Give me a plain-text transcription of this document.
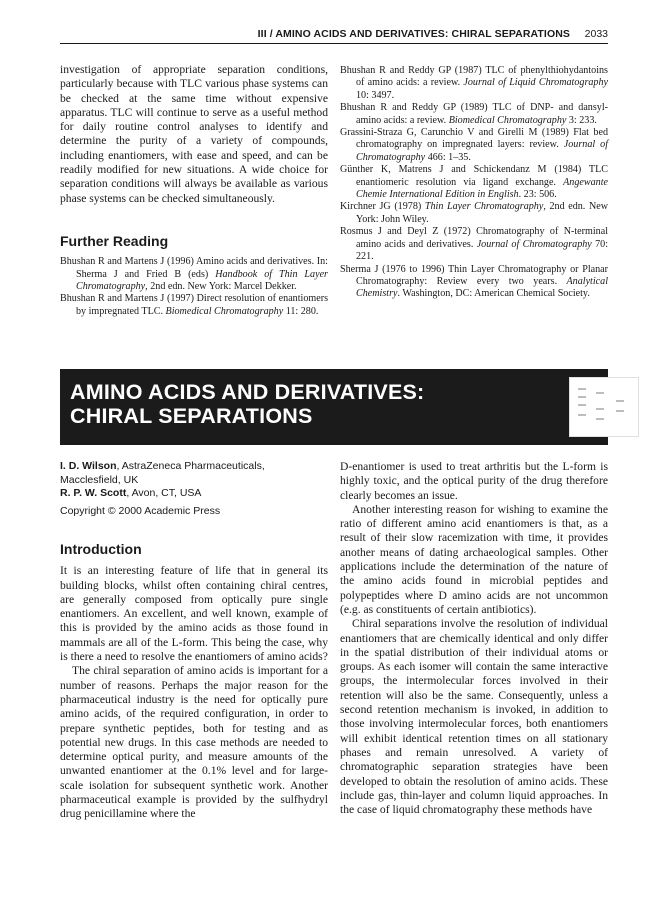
III / AMINO ACIDS AND DERIVATIVES: CHIRAL SEPARATIONS 2033

investigation of appropriate separation conditions, particularly because with TLC various phase systems can be checked at the same time without expensive apparatus. TLC will continue to serve as a useful method for daily routine control analyses to identify and determine the purity of a variety of compounds, including enantiomers, with ease and speed, and can be readily modified for new situations. A wide choice for separation conditions will always be available as various phase systems can be checked simultaneously.

Further Reading

Bhushan R and Martens J (1996) Amino acids and derivatives. In: Sherma J and Fried B (eds) Handbook of Thin Layer Chromatography, 2nd edn. New York: Marcel Dekker.

Bhushan R and Martens J (1997) Direct resolution of enantiomers by impregnated TLC. Biomedical Chromatography 11: 280.

Bhushan R and Reddy GP (1987) TLC of phenylthiohydantoins of amino acids: a review. Journal of Liquid Chromatography 10: 3497.

Bhushan R and Reddy GP (1989) TLC of DNP- and dansyl-amino acids: a review. Biomedical Chromatography 3: 233.

Grassini-Straza G, Carunchio V and Girelli M (1989) Flat bed chromatography on impregnated layers: review. Journal of Chromatography 466: 1–35.

Günther K, Matrens J and Schickendanz M (1984) TLC enantiomeric resolution via ligand exchange. Angewante Chemie International Edition in English. 23: 506.

Kirchner JG (1978) Thin Layer Chromatography, 2nd edn. New York: John Wiley.

Rosmus J and Deyl Z (1972) Chromatography of N-terminal amino acids and derivatives. Journal of Chromatography 70: 221.

Sherma J (1976 to 1996) Thin Layer Chromatography or Planar Chromatography: Review every two years. Analytical Chemistry. Washington, DC: American Chemical Society.

AMINO ACIDS AND DERIVATIVES:
CHIRAL SEPARATIONS
I. D. Wilson, AstraZeneca Pharmaceuticals,
Macclesfield, UK
R. P. W. Scott, Avon, CT, USA
Copyright © 2000 Academic Press
Introduction

It is an interesting feature of life that in general its building blocks, whilst often containing chiral centres, are generally composed from optically pure single enantiomers. An excellent, and well known, example of this is provided by the amino acids as those found in mammals are all of the L-form. This being the case, why is there a need to resolve the enantiomers of amino acids?

The chiral separation of amino acids is important for a number of reasons. Perhaps the major reason for the pharmaceutical industry is the need for optically pure amino acids, of the required configuration, in order to prepare synthetic peptides, both for testing and as potential new drugs. In this case methods are needed to determine optical purity, and measure amounts of the unwanted enantiomer at the 0.1% level and for large-scale isolation for subsequent synthetic work. Another pharmaceutical example is provided by the sulfhydryl drug penicillamine where the

D-enantiomer is used to treat arthritis but the L-form is highly toxic, and the optical purity of the drug therefore clearly becomes an issue.

Another interesting reason for wishing to examine the ratio of different amino acid enantiomers is that, as a result of their slow racemization with time, it provides another means of dating archaeological samples. Other applications include the determination of the nature of the amino acids found in microbial peptides and polypeptides where D amino acids are not uncommon (e.g. as constituents of certain antibiotics).

Chiral separations involve the resolution of individual enantiomers that are chemically identical and only differ in the spatial distribution of their individual atoms or groups. As each isomer will contain the same interactive groups, the intermolecular forces involved in their retention will also be the same. Consequently, unless a second retention mechanism is invoked, in addition to those involving intermolecular forces, both enantiomers will exhibit identical retention times on all stationary phases and remain unresolved. A variety of chromatographic separation strategies have been developed to obtain the resolution of amino acids. These include gas, thin-layer and column liquid approaches. In the case of liquid chromatography these methods have
